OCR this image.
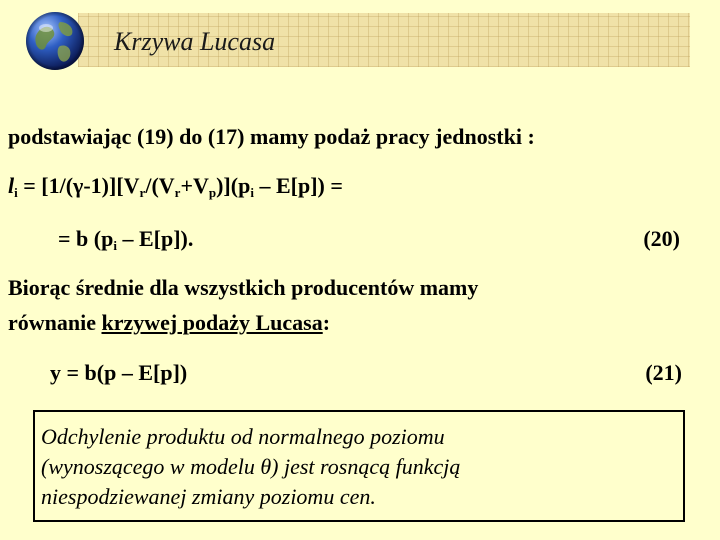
Krzywa Lucasa
podstawiając (19) do (17) mamy podaż pracy jednostki :
$l_i = [1/(\gamma-1)][V_r/(V_r+V_p)](p_i - E[p])$ =
= b $(p_i - E[p])$.	(20)
Biorąc średnie dla wszystkich producentów mamy
równanie krzywej podaży Lucasa:
y = b(p – E[p])	(21)
Odchylenie produktu od normalnego poziomu
(wynoszącego w modelu θ) jest rosnącą funkcją
niespodziewanej zmiany poziomu cen.
